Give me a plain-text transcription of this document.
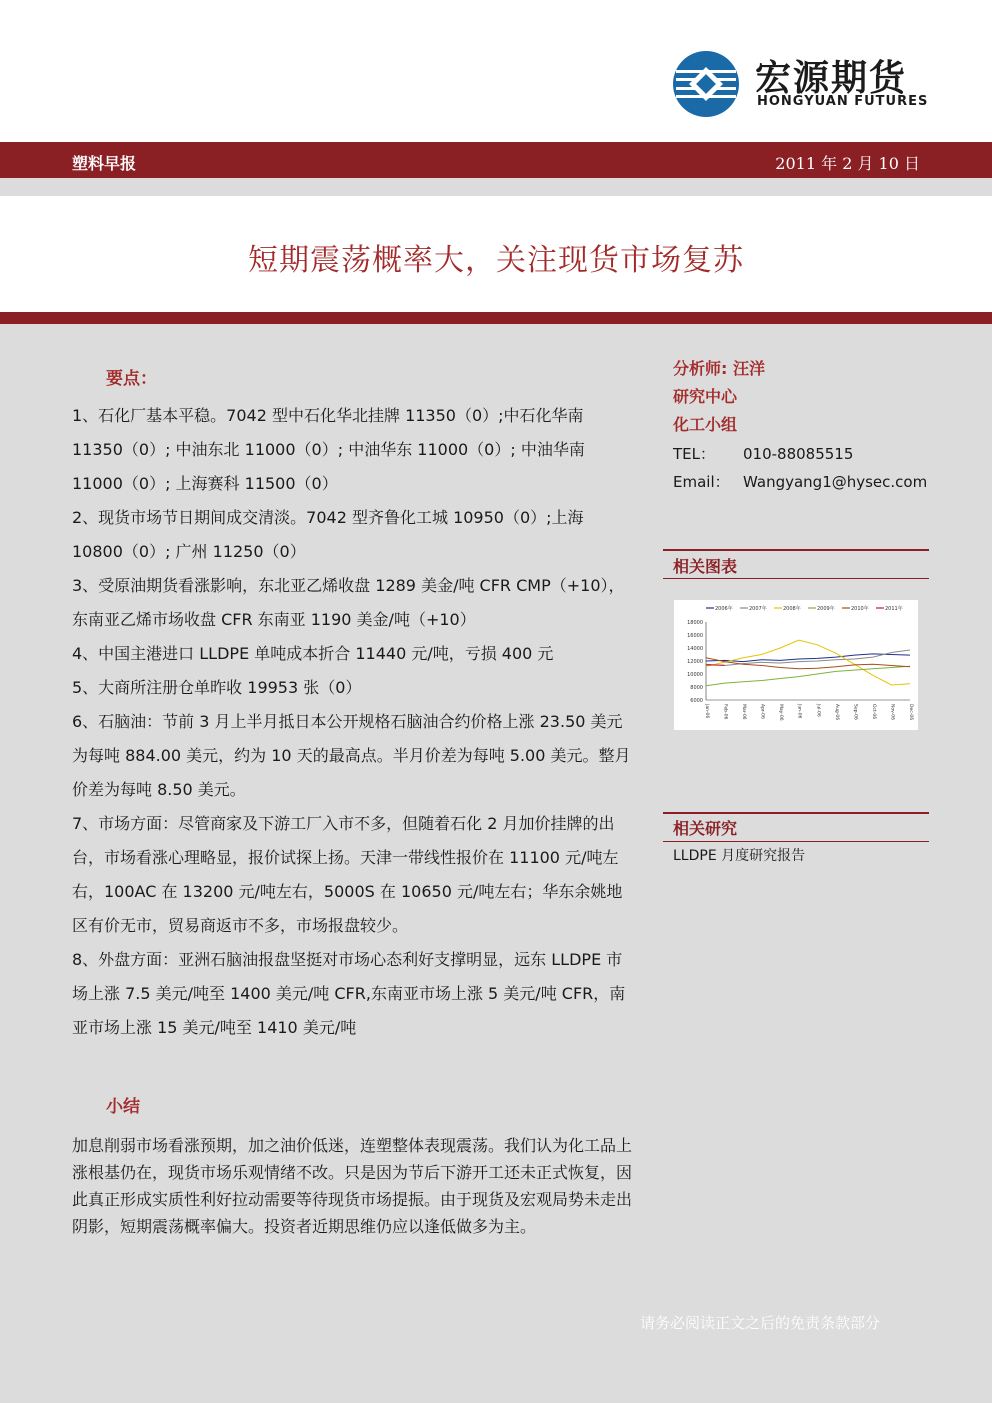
宏源期货
HONGYUAN FUTURES
塑料早报	2011 年 2 月 10 日
短期震荡概率大，关注现货市场复苏
要点：

1、石化厂基本平稳。7042 型中石化华北挂牌 11350（0）;中石化华南 11350（0）; 中油东北 11000（0）; 中油华东 11000（0）; 中油华南 11000（0）; 上海赛科 11500（0）

2、现货市场节日期间成交清淡。7042 型齐鲁化工城 10950（0）;上海 10800（0）; 广州 11250（0）

3、受原油期货看涨影响，东北亚乙烯收盘 1289 美金/吨 CFR CMP（+10），东南亚乙烯市场收盘 CFR 东南亚 1190 美金/吨（+10）

4、中国主港进口 LLDPE 单吨成本折合 11440 元/吨，亏损 400 元

5、大商所注册仓单昨收 19953 张（0）

6、石脑油：节前 3 月上半月抵日本公开规格石脑油合约价格上涨 23.50 美元为每吨 884.00 美元，约为 10 天的最高点。半月价差为每吨 5.00 美元。整月价差为每吨 8.50 美元。

7、市场方面：尽管商家及下游工厂入市不多，但随着石化 2 月加价挂牌的出台，市场看涨心理略显，报价试探上扬。天津一带线性报价在 11100 元/吨左右，100AC 在 13200 元/吨左右，5000S 在 10650 元/吨左右；华东余姚地区有价无市，贸易商返市不多，市场报盘较少。

8、外盘方面：亚洲石脑油报盘坚挺对市场心态利好支撑明显，远东 LLDPE 市场上涨 7.5 美元/吨至 1400 美元/吨 CFR,东南亚市场上涨 5 美元/吨 CFR，南亚市场上涨 15 美元/吨至 1410 美元/吨

小结
加息削弱市场看涨预期，加之油价低迷，连塑整体表现震荡。我们认为化工品上涨根基仍在，现货市场乐观情绪不改。只是因为节后下游开工还未正式恢复，因此真正形成实质性利好拉动需要等待现货市场提振。由于现货及宏观局势未走出阴影，短期震荡概率偏大。投资者近期思维仍应以逢低做多为主。
分析师: 汪洋
研究中心
化工小组
TEL： 010-88085515
Email： Wangyang1@hysec.com
相关图表
6000
8000
10000
12000
14000
16000
18000
Jan-06	Feb-06	Mar-06	Apr-06	May-06	Jun-06	Jul-06	Aug-06	Sep-06	Oct-06	Nov-06	Dec-06
2006年	2007年	2008年	2009年	2010年	2011年
相关研究
LLDPE 月度研究报告
请务必阅读正文之后的免责条款部分
